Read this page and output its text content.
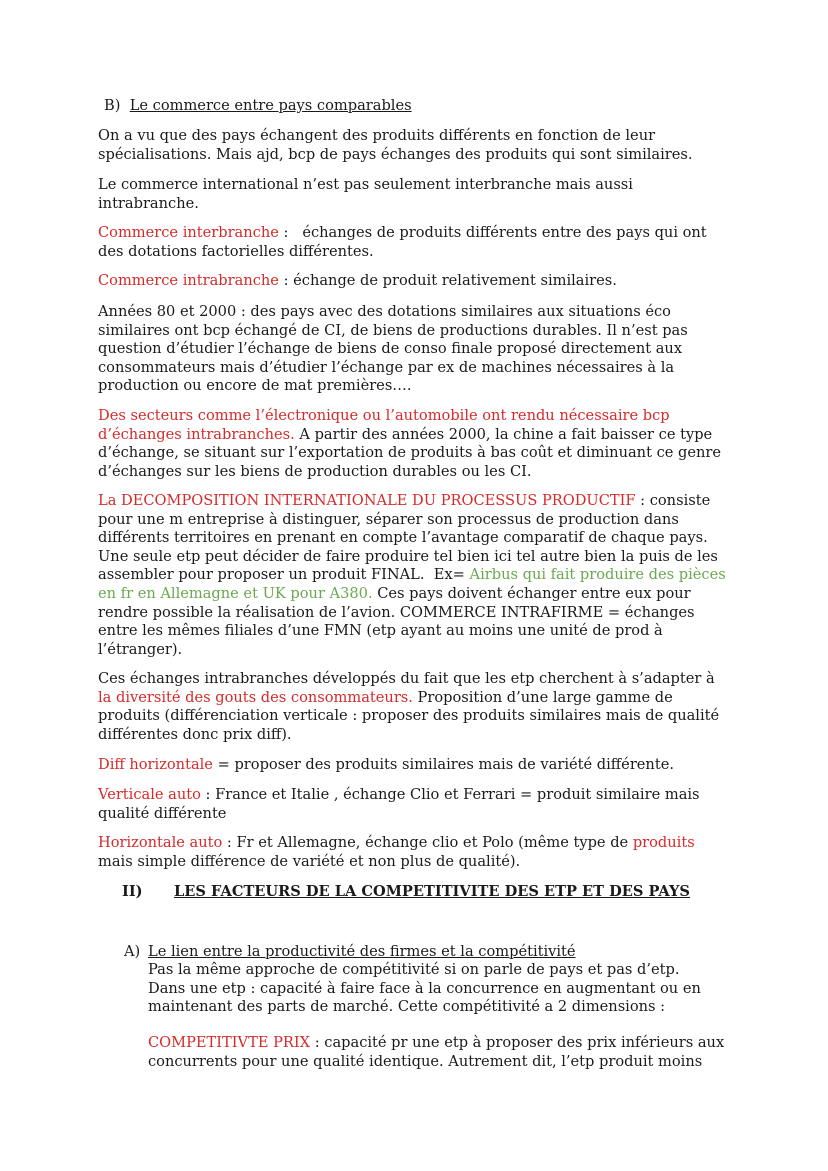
B) Le commerce entre pays comparables
On a vu que des pays échangent des produits différents en fonction de leur
spécialisations. Mais ajd, bcp de pays échanges des produits qui sont similaires.
Le commerce international n’est pas seulement interbranche mais aussi
intrabranche.
Commerce interbranche :   échanges de produits différents entre des pays qui ont
des dotations factorielles différentes.
Commerce intrabranche : échange de produit relativement similaires.
Années 80 et 2000 : des pays avec des dotations similaires aux situations éco
similaires ont bcp échangé de CI, de biens de productions durables. Il n’est pas
question d’étudier l’échange de biens de conso finale proposé directement aux
consommateurs mais d’étudier l’échange par ex de machines nécessaires à la
production ou encore de mat premières….
Des secteurs comme l’électronique ou l’automobile ont rendu nécessaire bcp
d’échanges intrabranches. A partir des années 2000, la chine a fait baisser ce type
d’échange, se situant sur l’exportation de produits à bas coût et diminuant ce genre
d’échanges sur les biens de production durables ou les CI.
La DECOMPOSITION INTERNATIONALE DU PROCESSUS PRODUCTIF : consiste
pour une m entreprise à distinguer, séparer son processus de production dans
différents territoires en prenant en compte l’avantage comparatif de chaque pays.
Une seule etp peut décider de faire produire tel bien ici tel autre bien la puis de les
assembler pour proposer un produit FINAL.  Ex= Airbus qui fait produire des pièces
en fr en Allemagne et UK pour A380. Ces pays doivent échanger entre eux pour
rendre possible la réalisation de l’avion. COMMERCE INTRAFIRME = échanges
entre les mêmes filiales d’une FMN (etp ayant au moins une unité de prod à
l’étranger).
Ces échanges intrabranches développés du fait que les etp cherchent à s’adapter à
la diversité des gouts des consommateurs. Proposition d’une large gamme de
produits (différenciation verticale : proposer des produits similaires mais de qualité
différentes donc prix diff).
Diff horizontale = proposer des produits similaires mais de variété différente.
Verticale auto : France et Italie , échange Clio et Ferrari = produit similaire mais
qualité différente
Horizontale auto : Fr et Allemagne, échange clio et Polo (même type de produits
mais simple différence de variété et non plus de qualité).
II) LES FACTEURS DE LA COMPETITIVITE DES ETP ET DES PAYS
A) Le lien entre la productivité des firmes et la compétitivité
Pas la même approche de compétitivité si on parle de pays et pas d’etp.
Dans une etp : capacité à faire face à la concurrence en augmentant ou en
maintenant des parts de marché. Cette compétitivité a 2 dimensions :
COMPETITIVTE PRIX : capacité pr une etp à proposer des prix inférieurs aux
concurrents pour une qualité identique. Autrement dit, l’etp produit moins
